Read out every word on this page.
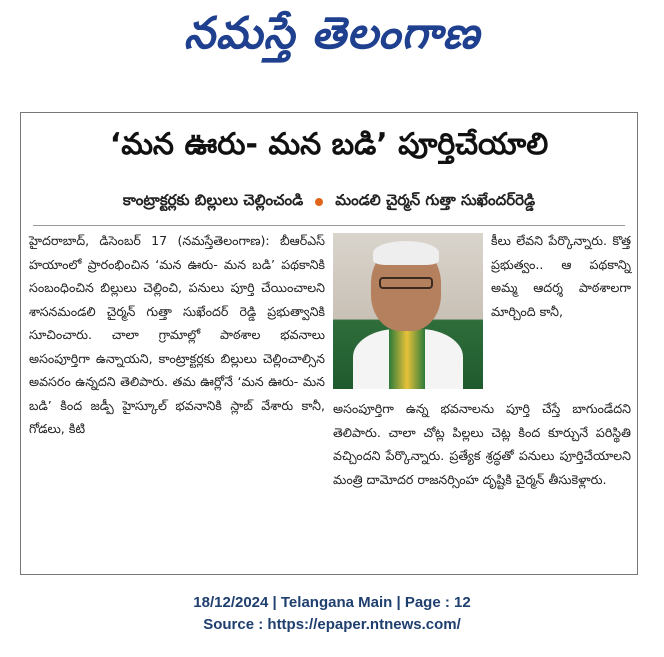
నమస్తే తెలంగాణ
‘మన ఊరు- మన బడి’ పూర్తిచేయాలి
కాంట్రాక్టర్లకు బిల్లులు చెల్లించండి మండలి చైర్మన్ గుత్తా సుఖేందర్‌రెడ్డి

హైదరాబాద్, డిసెంబర్ 17 (నమస్తేతెలంగాణ): బీఆర్‌ఎస్ హయాంలో ప్రారంభించిన ‘మన ఊరు- మన బడి’ పథకానికి సంబంధించిన బిల్లులు చెల్లించి, పనులు పూర్తి చేయించాలని శాసనమండలి చైర్మన్ గుత్తా సుఖేందర్ రెడ్డి ప్రభుత్వానికి సూచించారు. చాలా గ్రామాల్లో పాఠశాల భవనాలు అసంపూర్తిగా ఉన్నాయని, కాంట్రాక్టర్లకు బిల్లులు చెల్లించాల్సిన అవసరం ఉన్నదని తెలిపారు. తమ ఊర్లోనే ‘మన ఊరు- మన బడి’ కింద జడ్పీ హైస్కూల్ భవనానికి స్లాబ్ వేశారు కానీ, గోడలు, కిటి

కీలు లేవని పేర్కొన్నారు. కొత్త ప్రభుత్వం.. ఆ పథకాన్ని అమ్మ ఆదర్శ పాఠశాలగా మార్చింది కానీ,

అసంపూర్తిగా ఉన్న భవనాలను పూర్తి చేస్తే బాగుండేదని తెలిపారు. చాలా చోట్ల పిల్లలు చెట్ల కింద కూర్చునే పరిస్థితి వచ్చిందని పేర్కొన్నారు. ప్రత్యేక శ్రద్ధతో పనులు పూర్తిచేయాలని మంత్రి దామోదర రాజనర్సింహ దృష్టికి చైర్మన్ తీసుకెళ్లారు.

18/12/2024 | Telangana Main | Page : 12
Source : https://epaper.ntnews.com/
